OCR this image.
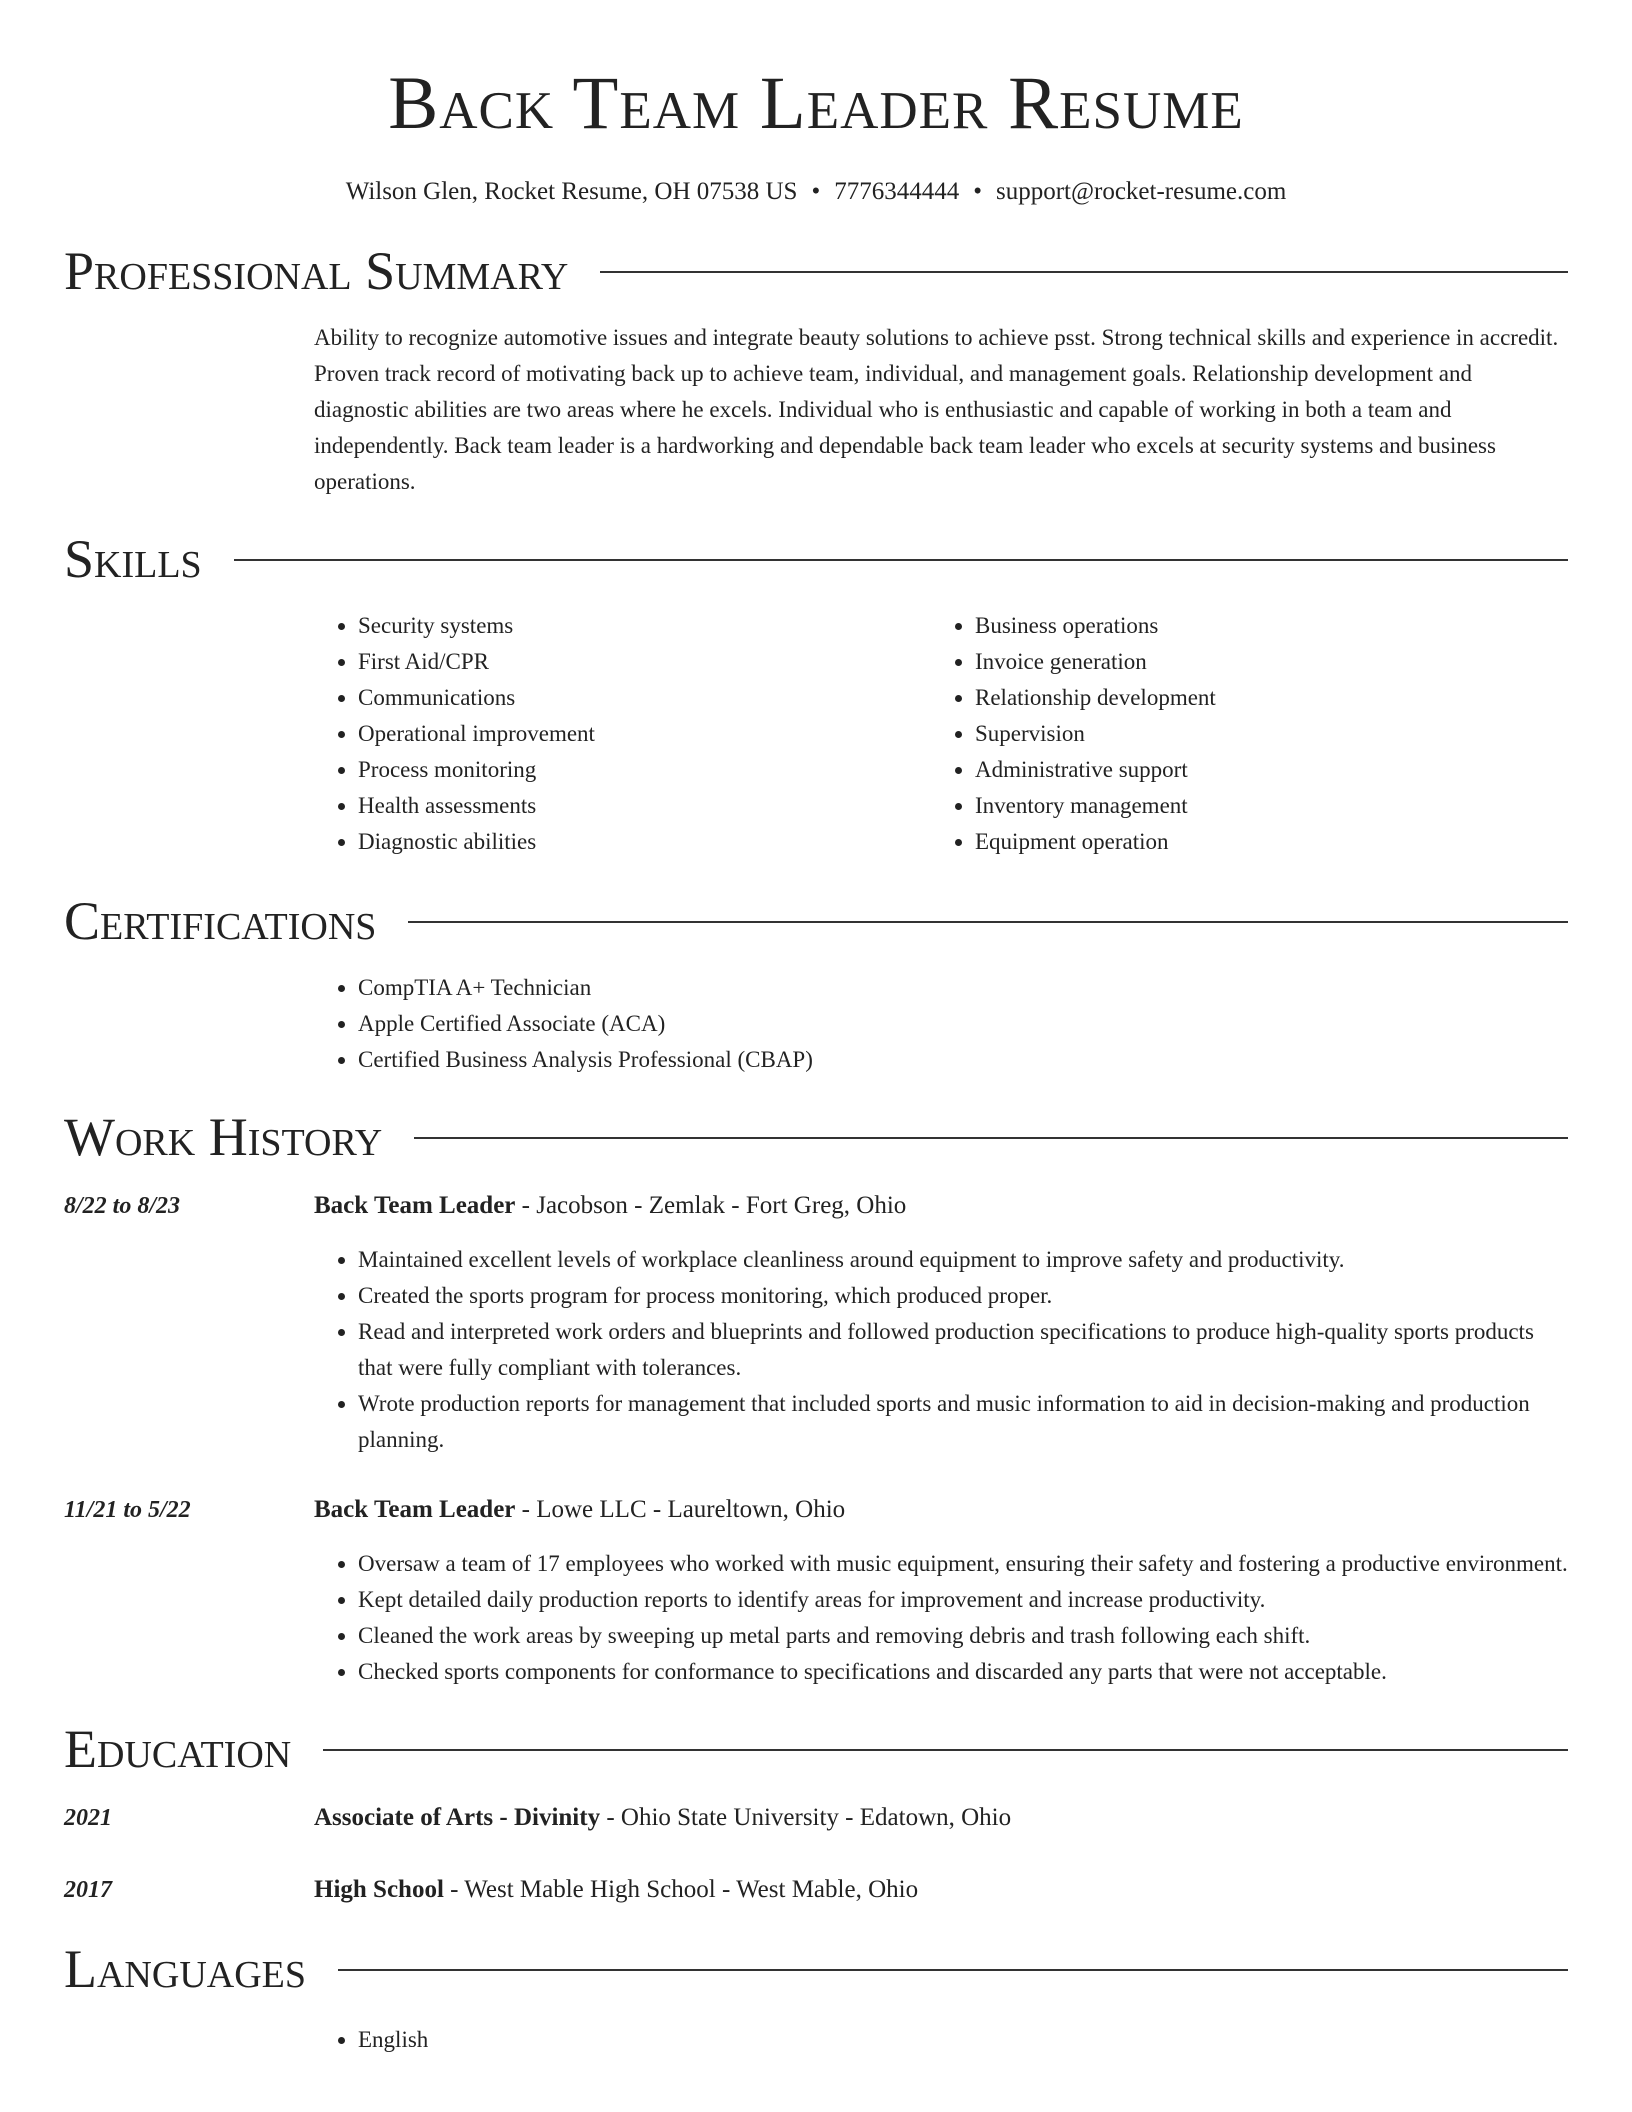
Back Team Leader Resume
Wilson Glen, Rocket Resume, OH 07538 US • 7776344444 • support@rocket-resume.com
Professional Summary

Ability to recognize automotive issues and integrate beauty solutions to achieve psst. Strong technical skills and experience in accredit. Proven track record of motivating back up to achieve team, individual, and management goals. Relationship development and diagnostic abilities are two areas where he excels. Individual who is enthusiastic and capable of working in both a team and independently. Back team leader is a hardworking and dependable back team leader who excels at security systems and business operations.

Skills
• Security systems
• First Aid/CPR
• Communications
• Operational improvement
• Process monitoring
• Health assessments
• Diagnostic abilities
• Business operations
• Invoice generation
• Relationship development
• Supervision
• Administrative support
• Inventory management
• Equipment operation
Certifications
• CompTIA A+ Technician
• Apple Certified Associate (ACA)
• Certified Business Analysis Professional (CBAP)
Work History
8/22 to 8/23	Back Team Leader - Jacobson - Zemlak - Fort Greg, Ohio
• Maintained excellent levels of workplace cleanliness around equipment to improve safety and productivity.
• Created the sports program for process monitoring, which produced proper.
• Read and interpreted work orders and blueprints and followed production specifications to produce high-quality sports products that were fully compliant with tolerances.
• Wrote production reports for management that included sports and music information to aid in decision-making and production planning.
11/21 to 5/22	Back Team Leader - Lowe LLC - Laureltown, Ohio
• Oversaw a team of 17 employees who worked with music equipment, ensuring their safety and fostering a productive environment.
• Kept detailed daily production reports to identify areas for improvement and increase productivity.
• Cleaned the work areas by sweeping up metal parts and removing debris and trash following each shift.
• Checked sports components for conformance to specifications and discarded any parts that were not acceptable.
Education
2021	Associate of Arts - Divinity - Ohio State University - Edatown, Ohio
2017	High School - West Mable High School - West Mable, Ohio
Languages
• English
